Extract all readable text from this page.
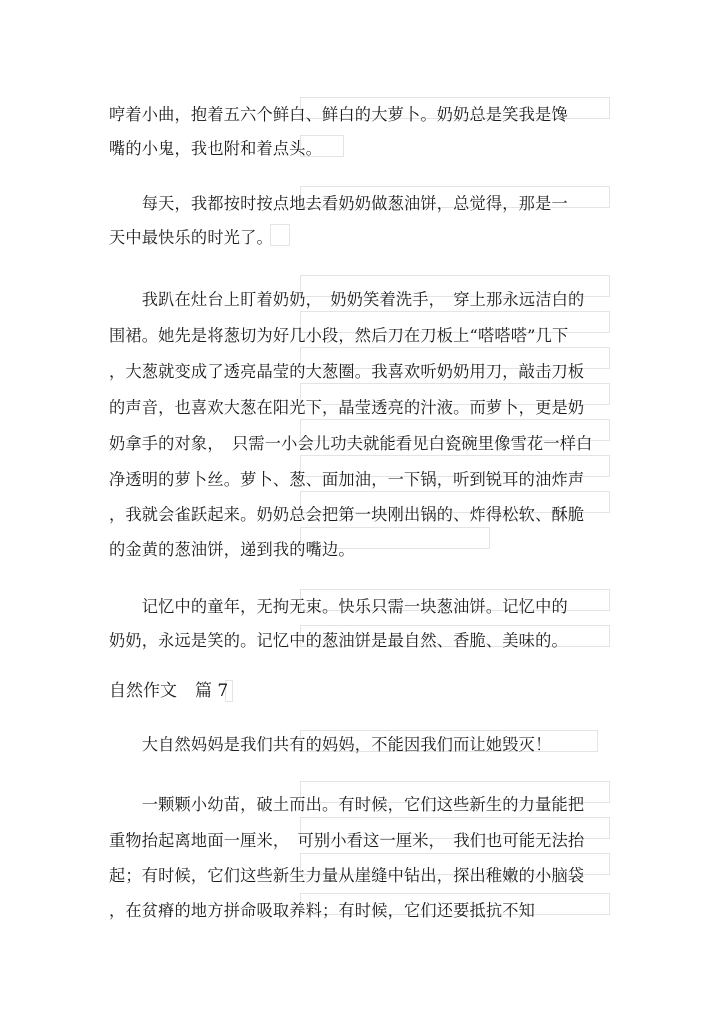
哼着小曲，抱着五六个鲜白、鲜白的大萝卜。奶奶总是笑我是馋
嘴的小鬼，我也附和着点头。
　　每天，我都按时按点地去看奶奶做葱油饼，总觉得，那是一
天中最快乐的时光了。
　　我趴在灶台上盯着奶奶，　奶奶笑着洗手，　穿上那永远洁白的
围裙。她先是将葱切为好几小段，然后刀在刀板上“嗒嗒嗒”几下
，大葱就变成了透亮晶莹的大葱圈。我喜欢听奶奶用刀，敲击刀板
的声音，也喜欢大葱在阳光下，晶莹透亮的汁液。而萝卜，更是奶
奶拿手的对象，　只需一小会儿功夫就能看见白瓷碗里像雪花一样白
净透明的萝卜丝。萝卜、葱、面加油，一下锅，听到锐耳的油炸声
，我就会雀跃起来。奶奶总会把第一块刚出锅的、炸得松软、酥脆
的金黄的葱油饼，递到我的嘴边。
　　记忆中的童年，无拘无束。快乐只需一块葱油饼。记忆中的
奶奶，永远是笑的。记忆中的葱油饼是最自然、香脆、美味的。
自然作文 篇 7
　　大自然妈妈是我们共有的妈妈，不能因我们而让她毁灭！
　　一颗颗小幼苗，破土而出。有时候，它们这些新生的力量能把
重物抬起离地面一厘米，　可别小看这一厘米，　我们也可能无法抬
起；有时候，它们这些新生力量从崖缝中钻出，探出稚嫩的小脑袋
，在贫瘠的地方拼命吸取养料；有时候，它们还要抵抗不知
